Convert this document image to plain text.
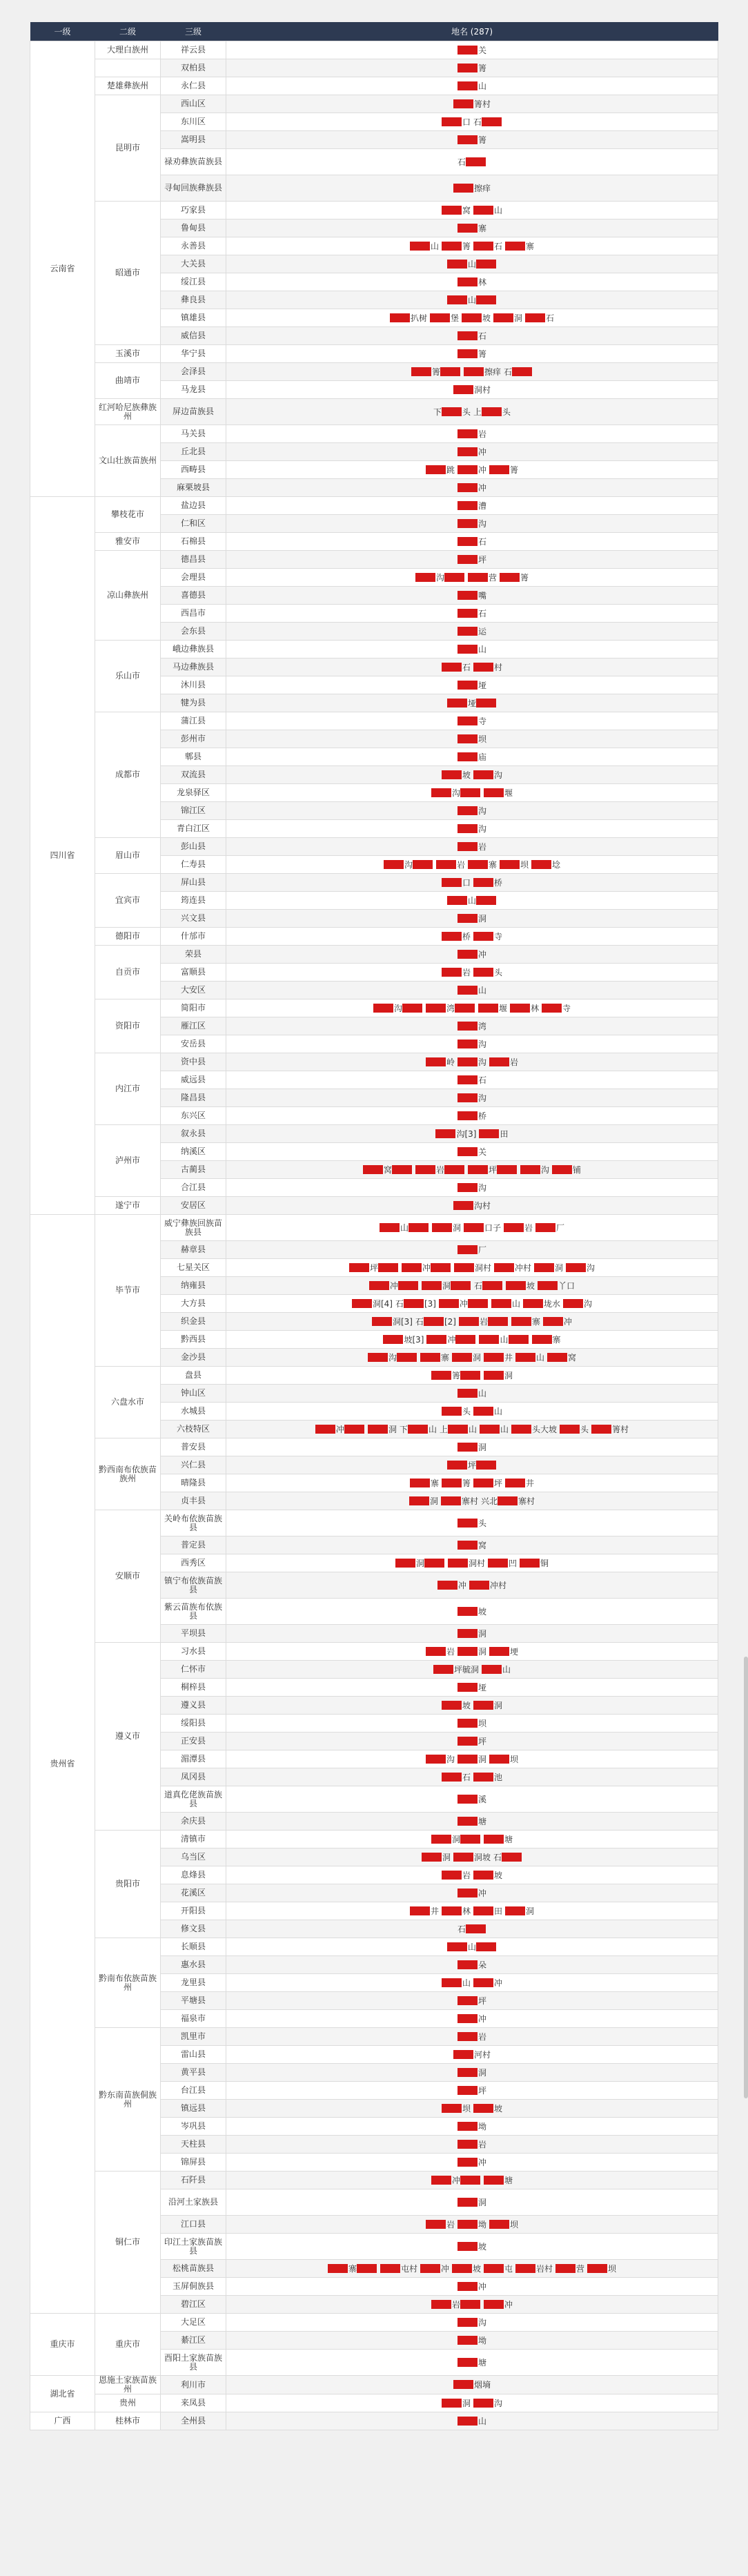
一级	二级	三级	地名 (287)
云南省	大理白族州	祥云县	关
		双柏县	箐
	楚雄彝族州	永仁县	山
	昆明市	西山区	箐村
		东川区	口 石
		嵩明县	箐
		禄劝彝族苗族县	石
		寻甸回族彝族县	擦痒
	昭通市	巧家县	窝 山
		鲁甸县	寨
		永善县	山 箐 石 寨
		大关县	山
		绥江县	林
		彝良县	山
		镇雄县	扒树 堡 坡 洞 石
		威信县	石
	玉溪市	华宁县	箐
	曲靖市	会泽县	箐 擦痒 石
		马龙县	洞村
	红河哈尼族彝族州	屏边苗族县	下 头 上 头
	文山壮族苗族州	马关县	岩
		丘北县	冲
		西畴县	跳 冲 箐
		麻栗坡县	冲
四川省	攀枝花市	盐边县	漕
		仁和区	沟
	雅安市	石棉县	石
	凉山彝族州	德昌县	坪
		会理县	沟 营 箐
		喜德县	嘴
		西昌市	石
		会东县	运
	乐山市	峨边彝族县	山
		马边彝族县	石 村
		沐川县	垭
		犍为县	垭
	成都市	蒲江县	寺
		彭州市	坝
		郫县	庙
		双流县	坡 沟
		龙泉驿区	沟 堰
		锦江区	沟
		青白江区	沟
	眉山市	彭山县	岩
		仁寿县	沟 岩 寨 坝 埝
	宜宾市	屏山县	口 桥
		筠连县	山
		兴文县	洞
	德阳市	什邡市	桥 寺
	自贡市	荣县	冲
		富顺县	岩 头
		大安区	山
	资阳市	简阳市	沟 湾 堰 林 寺
		雁江区	湾
		安岳县	沟
	内江市	资中县	岭 沟 岩
		威远县	石
		隆昌县	沟
		东兴区	桥
	泸州市	叙永县	沟[3] 田
		纳溪区	关
		古蔺县	窝 岩 坪 沟 铺
		合江县	沟
	遂宁市	安居区	沟村
贵州省	毕节市	威宁彝族回族苗族县	山 洞 口子 岩 厂
		赫章县	厂
		七星关区	坪 冲 洞村 冲村 洞 沟
		纳雍县	冲 洞 石 坡 丫口
		大方县	洞[4] 石 [3] 冲 山 垅水 沟
		织金县	洞[3] 石 [2] 岩 寨 冲
		黔西县	坡[3] 冲 山 寨
		金沙县	沟 寨 洞 井 山 窝
	六盘水市	盘县	箐 洞
		钟山区	山
		水城县	头 山
		六枝特区	冲 洞 下 山 上 山 山 头大坡 头 箐村
	黔西南布依族苗族州	普安县	洞
		兴仁县	坪
		晴隆县	寨 箐 坪 井
		贞丰县	洞 寨村 兴北 寨村
	安顺市	关岭布依族苗族县	头
		普定县	窝
		西秀区	洞 洞村 凹 铜
		镇宁布依族苗族县	冲 冲村
		紫云苗族布依族县	坡
		平坝县	洞
	遵义市	习水县	岩 洞 埂
		仁怀市	坪毓洞 山
		桐梓县	垭
		遵义县	坡 洞
		绥阳县	坝
		正安县	坪
		湄潭县	沟 洞 坝
		凤冈县	石 池
		道真仡佬族苗族县	溪
		余庆县	塘
	贵阳市	清镇市	洞 塘
		乌当区	洞 洞坡 石
		息烽县	岩 坡
		花溪区	冲
		开阳县	井 林 田 洞
		修文县	石
	黔南布依族苗族州	长顺县	山
		惠水县	朵
		龙里县	山 冲
		平塘县	坪
		福泉市	冲
	黔东南苗族侗族州	凯里市	岩
		雷山县	河村
		黄平县	洞
		台江县	坪
		镇远县	坝 坡
		岑巩县	坳
		天柱县	岩
		锦屏县	冲
	铜仁市	石阡县	冲 塘
		沿河土家族县	洞
		江口县	岩 坳 坝
		印江土家族苗族县	坡
		松桃苗族县	寨 屯村 冲 坡 屯 岩村 营 坝
		玉屏侗族县	冲
		碧江区	岩 冲
重庆市	重庆市	大足区	沟
		綦江区	坳
		酉阳土家族苗族县	塘
湖北省	恩施土家族苗族州	利川市	烟墒
	贵州	来凤县	洞 沟
广西	桂林市	全州县	山
